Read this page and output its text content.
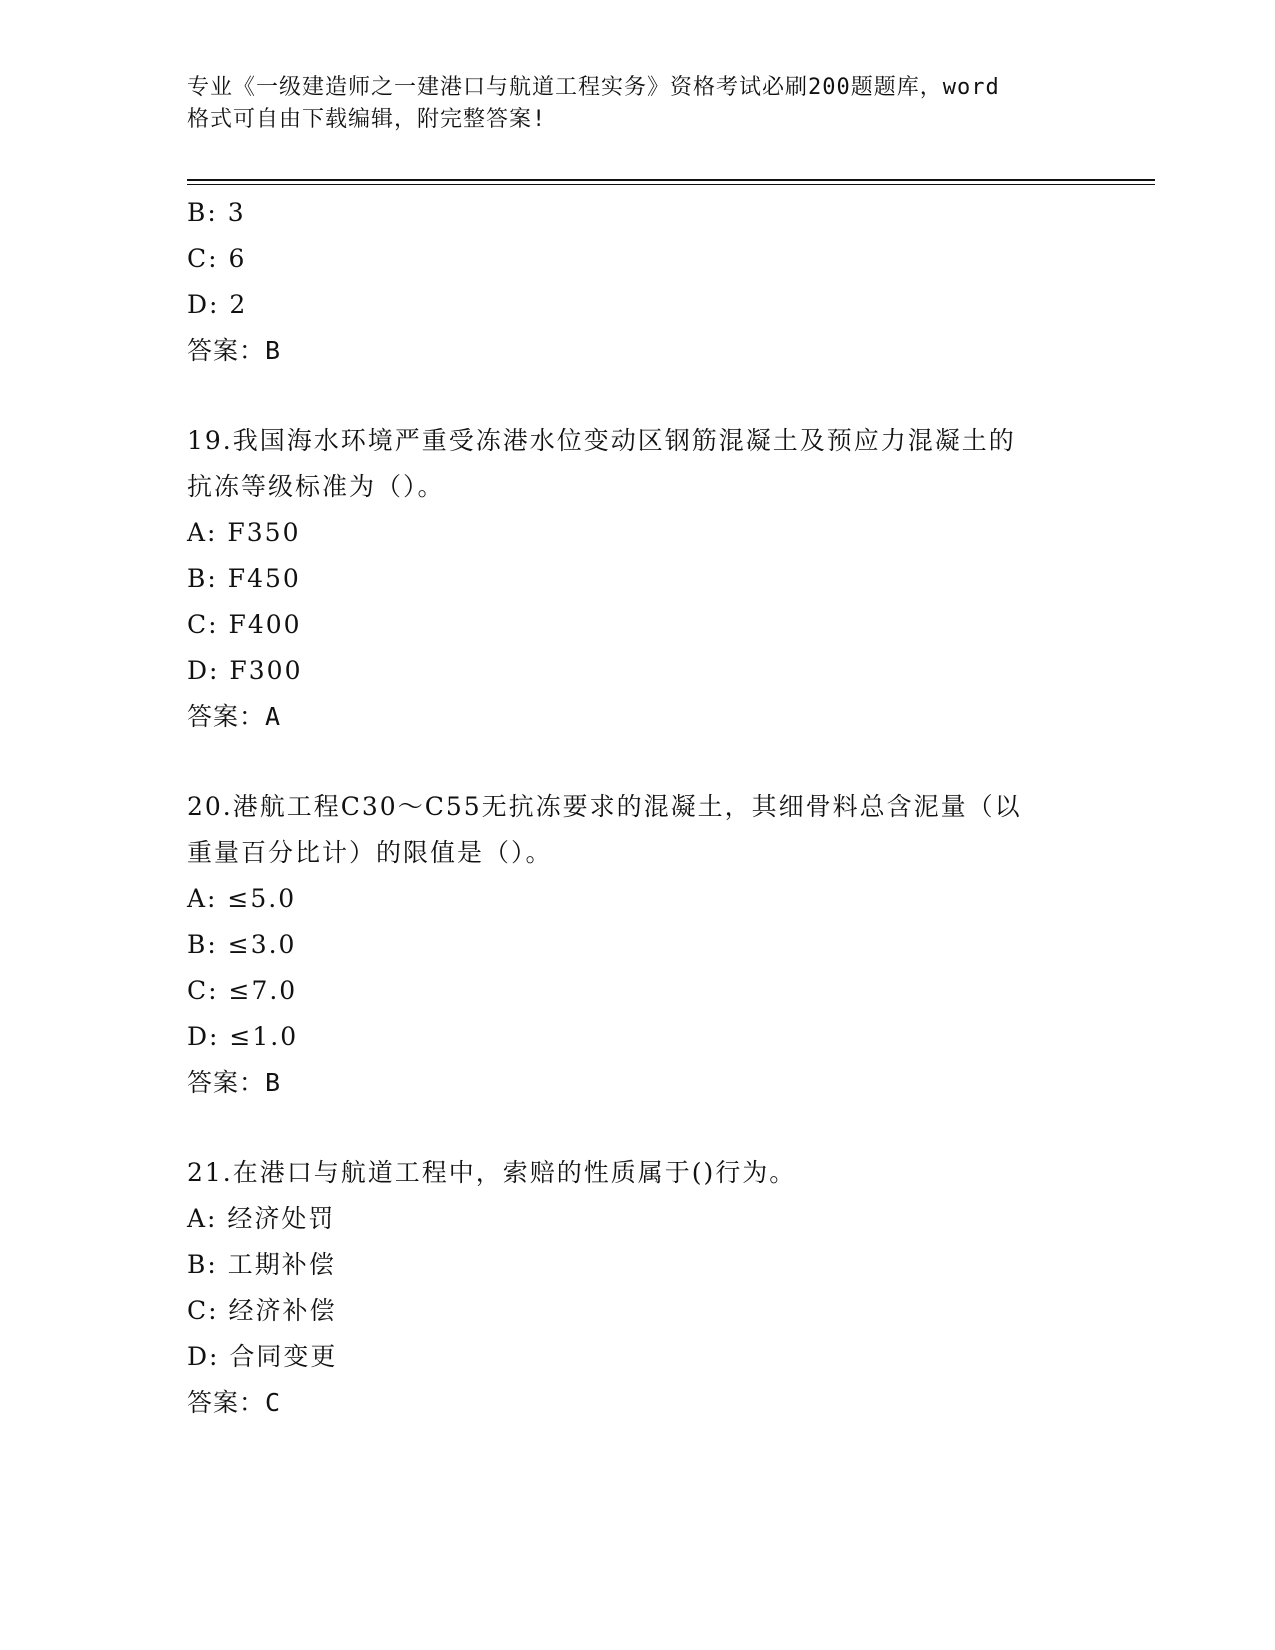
专业《一级建造师之一建港口与航道工程实务》资格考试必刷200题题库，word
格式可自由下载编辑，附完整答案!
B: 3
C: 6
D: 2
答案：B
19.我国海水环境严重受冻港水位变动区钢筋混凝土及预应力混凝土的
抗冻等级标准为（）。
A: F350
B: F450
C: F400
D: F300
答案：A
20.港航工程C30～C55无抗冻要求的混凝土，其细骨料总含泥量（以
重量百分比计）的限值是（）。
A: ≤5.0
B: ≤3.0
C: ≤7.0
D: ≤1.0
答案：B
21.在港口与航道工程中，索赔的性质属于()行为。
A: 经济处罚
B: 工期补偿
C: 经济补偿
D: 合同变更
答案：C
